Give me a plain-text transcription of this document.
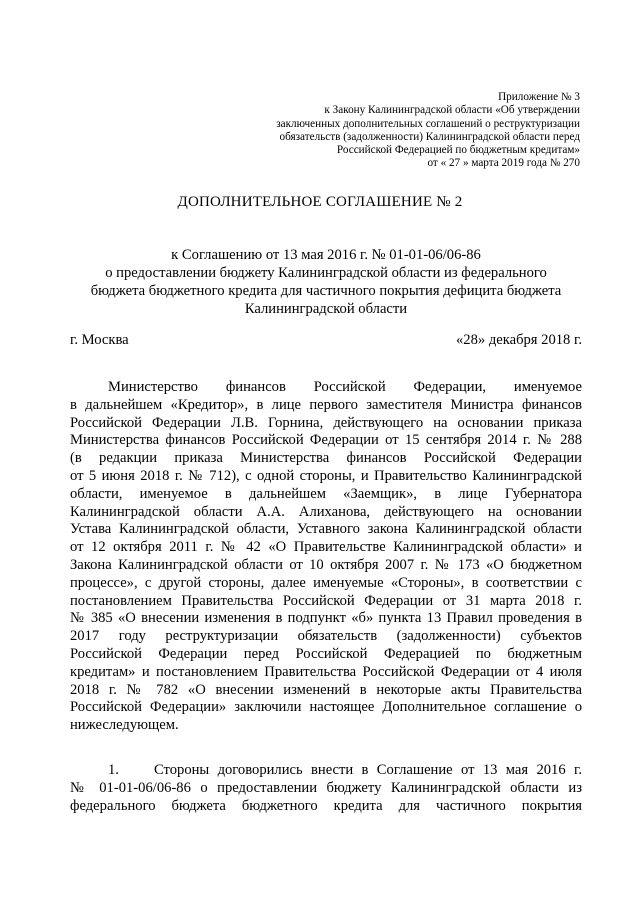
Приложение № 3
к Закону Калининградской области «Об утверждении
заключенных дополнительных соглашений о реструктуризации
обязательств (задолженности) Калининградской области перед
Российской Федерацией по бюджетным кредитам»
от « 27 » марта 2019 года № 270
ДОПОЛНИТЕЛЬНОЕ СОГЛАШЕНИЕ № 2
к Соглашению от 13 мая 2016 г. № 01-01-06/06-86
о предоставлении бюджету Калининградской области из федерального
бюджета бюджетного кредита для частичного покрытия дефицита бюджета
Калининградской области
г. Москва	«28» декабря 2018 г.
Министерство финансов Российской Федерации, именуемое
в дальнейшем «Кредитор», в лице первого заместителя Министра финансов
Российской Федерации Л.В. Горнина, действующего на основании приказа
Министерства финансов Российской Федерации от 15 сентября 2014 г. № 288
(в редакции приказа Министерства финансов Российской Федерации
от 5 июня 2018 г. № 712), с одной стороны, и Правительство Калининградской
области, именуемое в дальнейшем «Заемщик», в лице Губернатора
Калининградской области А.А. Алиханова, действующего на основании
Устава Калининградской области, Уставного закона Калининградской области
от 12 октября 2011 г. № 42 «О Правительстве Калининградской области» и
Закона Калининградской области от 10 октября 2007 г. № 173 «О бюджетном
процессе», с другой стороны, далее именуемые «Стороны», в соответствии с
постановлением Правительства Российской Федерации от 31 марта 2018 г.
№ 385 «О внесении изменения в подпункт «б» пункта 13 Правил проведения в
2017 году реструктуризации обязательств (задолженности) субъектов
Российской Федерации перед Российской Федерацией по бюджетным
кредитам» и постановлением Правительства Российской Федерации от 4 июля
2018 г. № 782 «О внесении изменений в некоторые акты Правительства
Российской Федерации» заключили настоящее Дополнительное соглашение о
нижеследующем.
1. Стороны договорились внести в Соглашение от 13 мая 2016 г.
№ 01-01-06/06-86 о предоставлении бюджету Калининградской области из
федерального бюджета бюджетного кредита для частичного покрытия
